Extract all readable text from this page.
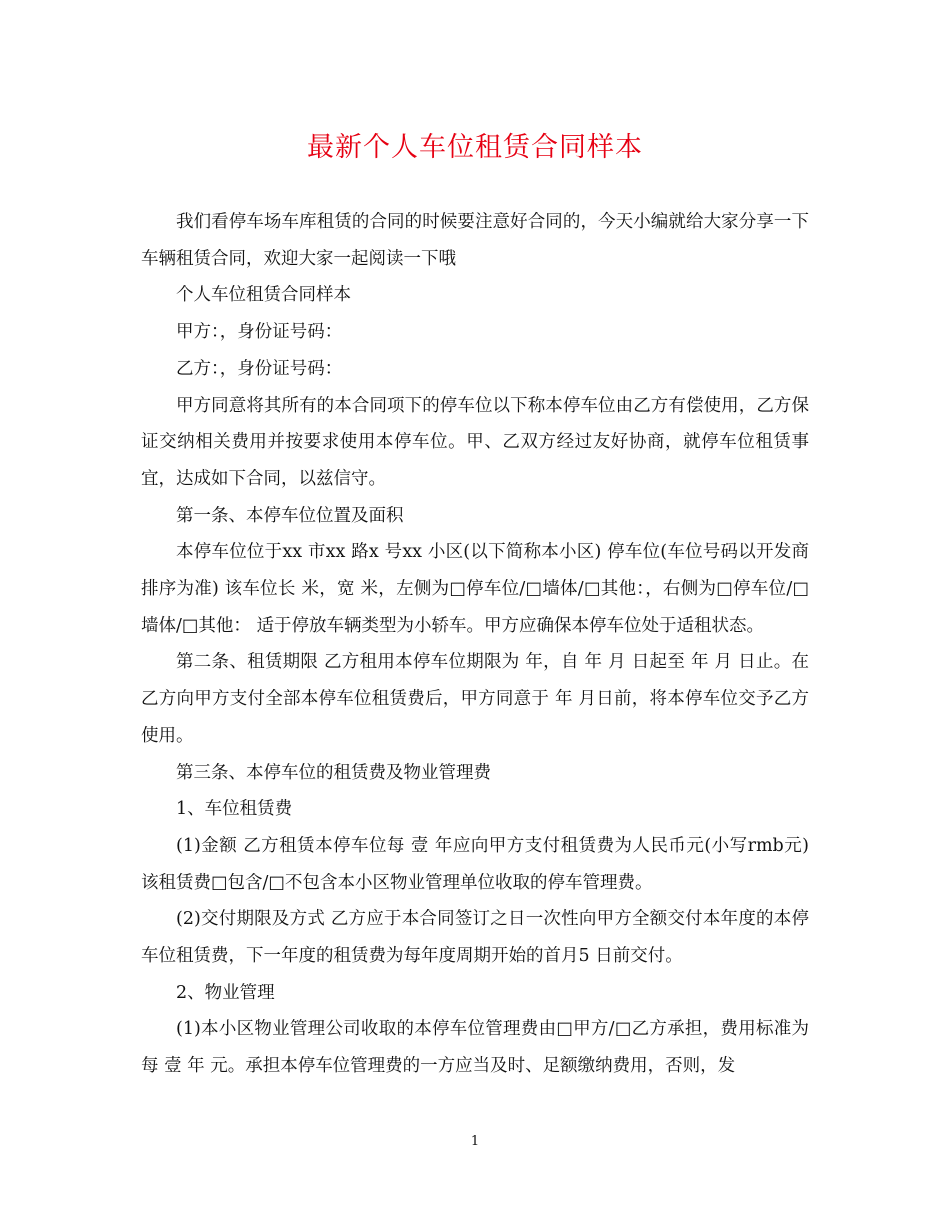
最新个人车位租赁合同样本

我们看停车场车库租赁的合同的时候要注意好合同的，今天小编就给大家分享一下车辆租赁合同，欢迎大家一起阅读一下哦

个人车位租赁合同样本

甲方：，身份证号码：

乙方：，身份证号码：

甲方同意将其所有的本合同项下的停车位以下称本停车位由乙方有偿使用，乙方保证交纳相关费用并按要求使用本停车位。甲、乙双方经过友好协商，就停车位租赁事宜，达成如下合同，以兹信守。

第一条、本停车位位置及面积

本停车位位于xx 市xx 路x 号xx 小区(以下简称本小区) 停车位(车位号码以开发商排序为准) 该车位长 米，宽 米，左侧为□停车位/□墙体/□其他：，右侧为□停车位/□墙体/□其他： 适于停放车辆类型为小轿车。甲方应确保本停车位处于适租状态。

第二条、租赁期限 乙方租用本停车位期限为 年，自 年 月 日起至 年 月 日止。在乙方向甲方支付全部本停车位租赁费后，甲方同意于 年 月日前，将本停车位交予乙方使用。

第三条、本停车位的租赁费及物业管理费

1、车位租赁费

(1)金额 乙方租赁本停车位每 壹 年应向甲方支付租赁费为人民币元(小写rmb元)该租赁费□包含/□不包含本小区物业管理单位收取的停车管理费。

(2)交付期限及方式 乙方应于本合同签订之日一次性向甲方全额交付本年度的本停车位租赁费，下一年度的租赁费为每年度周期开始的首月5 日前交付。

2、物业管理

(1)本小区物业管理公司收取的本停车位管理费由□甲方/□乙方承担，费用标准为每 壹 年 元。承担本停车位管理费的一方应当及时、足额缴纳费用，否则，发

1
